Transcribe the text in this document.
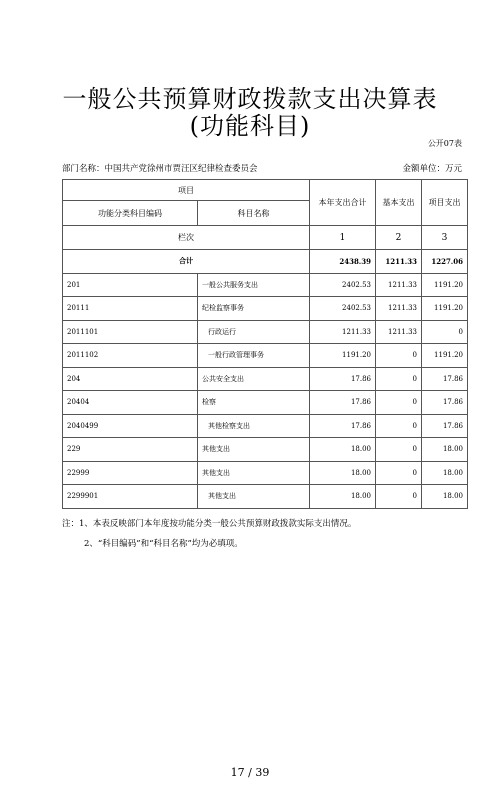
一般公共预算财政拨款支出决算表(功能科目)
公开07表
部门名称：中国共产党徐州市贾汪区纪律检查委员会	金额单位：万元
项目		本年支出合计	基本支出	项目支出
功能分类科目编码	科目名称			
栏次		1	2	3
合计		2438.39	1211.33	1227.06
201	一般公共服务支出	2402.53	1211.33	1191.20
20111	纪检监察事务	2402.53	1211.33	1191.20
2011101	行政运行	1211.33	1211.33	0
2011102	一般行政管理事务	1191.20	0	1191.20
204	公共安全支出	17.86	0	17.86
20404	检察	17.86	0	17.86
2040499	其他检察支出	17.86	0	17.86
229	其他支出	18.00	0	18.00
22999	其他支出	18.00	0	18.00
2299901	其他支出	18.00	0	18.00
注：1、本表反映部门本年度按功能分类一般公共预算财政拨款实际支出情况。
2、“科目编码”和“科目名称”均为必填项。
17 / 39
